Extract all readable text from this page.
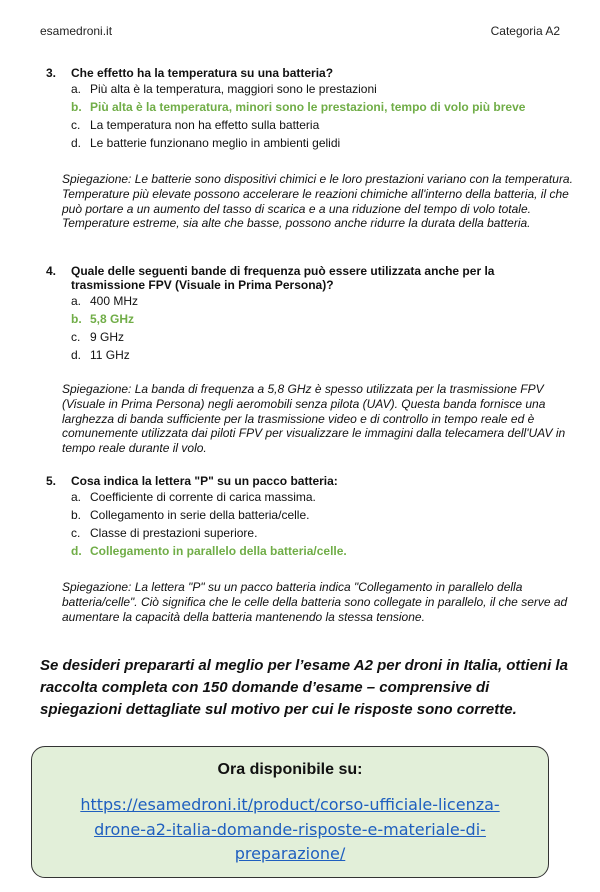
esamedroni.it	Categoria A2
3.	Che effetto ha la temperatura su una batteria?
a. Più alta è la temperatura, maggiori sono le prestazioni
b. Più alta è la temperatura, minori sono le prestazioni, tempo di volo più breve
c. La temperatura non ha effetto sulla batteria
d. Le batterie funzionano meglio in ambienti gelidi
Spiegazione: Le batterie sono dispositivi chimici e le loro prestazioni variano con la temperatura. Temperature più elevate possono accelerare le reazioni chimiche all'interno della batteria, il che può portare a un aumento del tasso di scarica e a una riduzione del tempo di volo totale. Temperature estreme, sia alte che basse, possono anche ridurre la durata della batteria.
4.	Quale delle seguenti bande di frequenza può essere utilizzata anche per la trasmissione FPV (Visuale in Prima Persona)?
a. 400 MHz
b. 5,8 GHz
c. 9 GHz
d. 11 GHz
Spiegazione: La banda di frequenza a 5,8 GHz è spesso utilizzata per la trasmissione FPV (Visuale in Prima Persona) negli aeromobili senza pilota (UAV). Questa banda fornisce una larghezza di banda sufficiente per la trasmissione video e di controllo in tempo reale ed è comunemente utilizzata dai piloti FPV per visualizzare le immagini dalla telecamera dell'UAV in tempo reale durante il volo.
5.	Cosa indica la lettera "P" su un pacco batteria:
a. Coefficiente di corrente di carica massima.
b. Collegamento in serie della batteria/celle.
c. Classe di prestazioni superiore.
d. Collegamento in parallelo della batteria/celle.
Spiegazione: La lettera "P" su un pacco batteria indica "Collegamento in parallelo della batteria/celle". Ciò significa che le celle della batteria sono collegate in parallelo, il che serve ad aumentare la capacità della batteria mantenendo la stessa tensione.
Se desideri prepararti al meglio per l’esame A2 per droni in Italia, ottieni la raccolta completa con 150 domande d’esame – comprensive di spiegazioni dettagliate sul motivo per cui le risposte sono corrette.
Ora disponibile su:
https://esamedroni.it/product/corso-ufficiale-licenza-drone-a2-italia-domande-risposte-e-materiale-di-preparazione/
